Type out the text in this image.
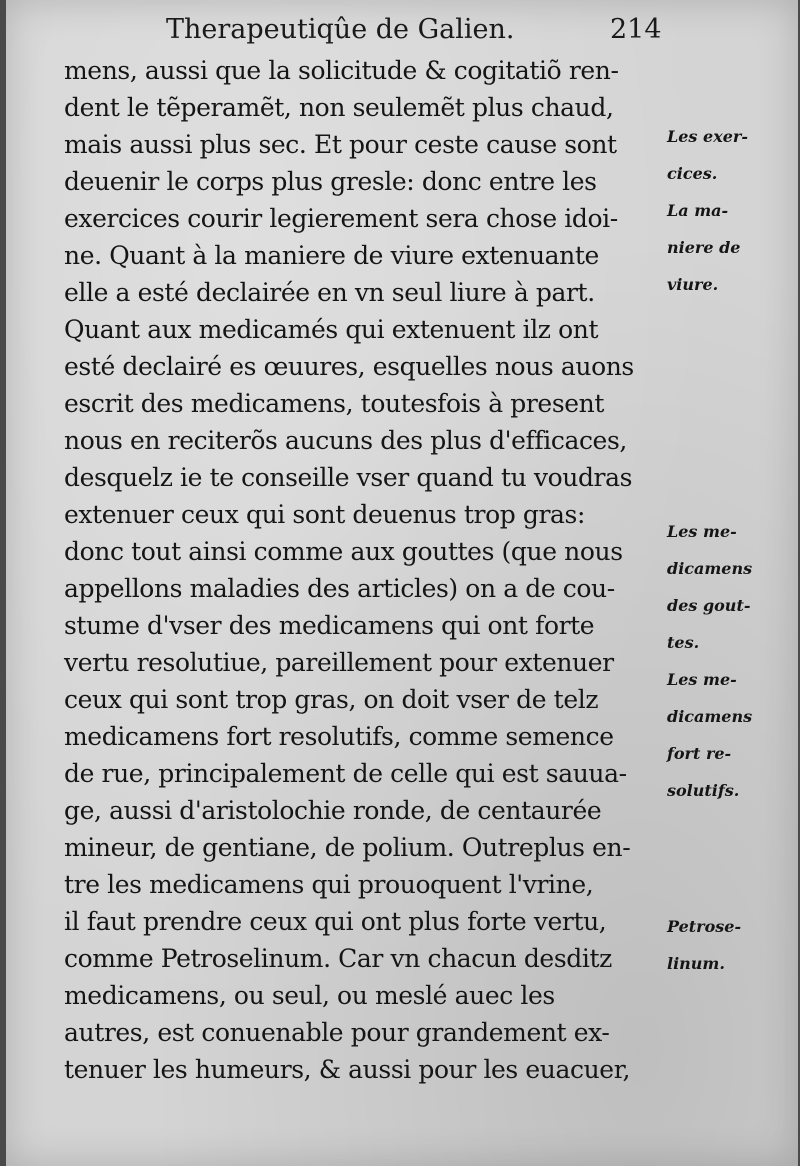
Therapeutiqûe de Galien.	214
mens, aussi que la solicitude & cogitatiõ ren-
dent le tẽperamẽt, non seulemẽt plus chaud,
mais aussi plus sec. Et pour ceste cause sont
deuenir le corps plus gresle: donc entre les
exercices courir legierement sera chose idoi-
ne. Quant à la maniere de viure extenuante
elle a esté declairée en vn seul liure à part.
Quant aux medicamés qui extenuent ilz ont
esté declairé es œuures, esquelles nous auons
escrit des medicamens, toutesfois à present
nous en reciterõs aucuns des plus d'efficaces,
desquelz ie te conseille vser quand tu voudras
extenuer ceux qui sont deuenus trop gras:
donc tout ainsi comme aux gouttes (que nous
appellons maladies des articles) on a de cou-
stume d'vser des medicamens qui ont forte
vertu resolutiue, pareillement pour extenuer
ceux qui sont trop gras, on doit vser de telz
medicamens fort resolutifs, comme semence
de rue, principalement de celle qui est sauua-
ge, aussi d'aristolochie ronde, de centaurée
mineur, de gentiane, de polium. Outreplus en-
tre les medicamens qui prouoquent l'vrine,
il faut prendre ceux qui ont plus forte vertu,
comme Petroselinum. Car vn chacun desditz
medicamens, ou seul, ou meslé auec les
autres, est conuenable pour grandement ex-
tenuer les humeurs, & aussi pour les euacuer,
Les exer-
cices.
La ma-
niere de
viure.
Les me-
dicamens
des gout-
tes.
Les me-
dicamens
fort re-
solutifs.
Petrose-
linum.
